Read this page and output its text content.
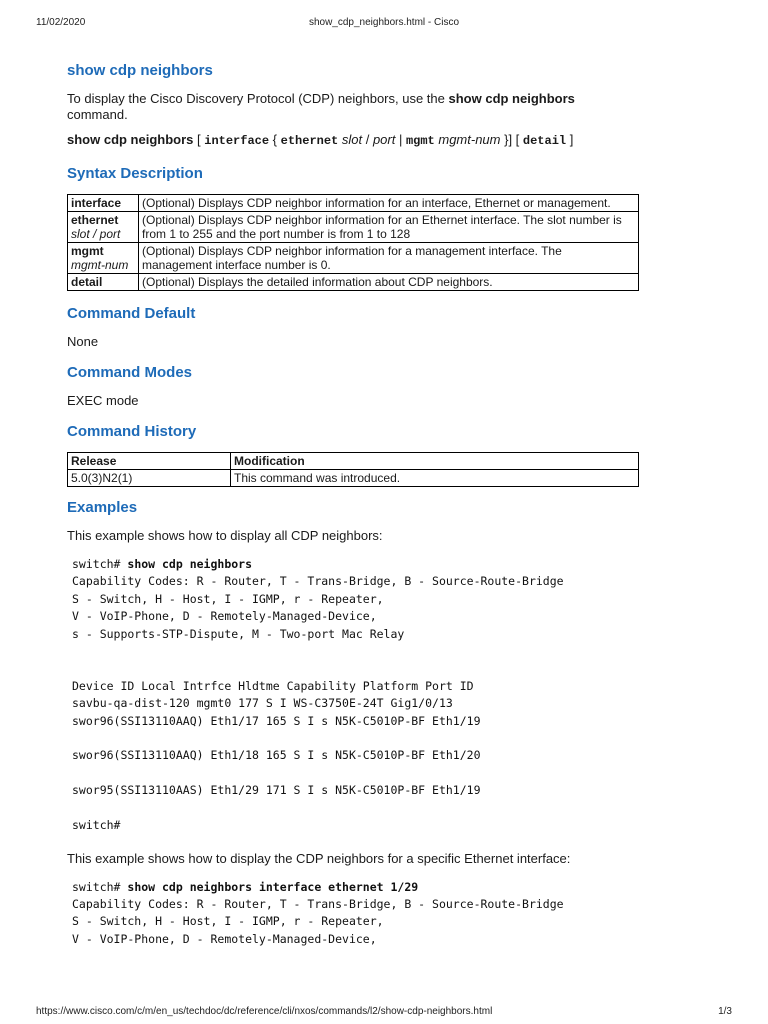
11/02/2020	show_cdp_neighbors.html - Cisco
show cdp neighbors

To display the Cisco Discovery Protocol (CDP) neighbors, use the show cdp neighbors command.

show cdp neighbors [ interface { ethernet slot / port | mgmt mgmt-num }] [ detail ]

Syntax Description
interface	(Optional) Displays CDP neighbor information for an interface, Ethernet or management.
ethernet
slot / port	(Optional) Displays CDP neighbor information for an Ethernet interface. The slot number is from 1 to 255 and the port number is from 1 to 128
mgmt
mgmt-num	(Optional) Displays CDP neighbor information for a management interface. The management interface number is 0.
detail	(Optional) Displays the detailed information about CDP neighbors.
Command Default

None

Command Modes

EXEC mode

Command History
Release	Modification
5.0(3)N2(1)	This command was introduced.
Examples

This example shows how to display all CDP neighbors:

switch# show cdp neighbors
Capability Codes: R - Router, T - Trans-Bridge, B - Source-Route-Bridge
S - Switch, H - Host, I - IGMP, r - Repeater,
V - VoIP-Phone, D - Remotely-Managed-Device,
s - Supports-STP-Dispute, M - Two-port Mac Relay

Device ID Local Intrfce Hldtme Capability Platform Port ID
savbu-qa-dist-120 mgmt0 177 S I WS-C3750E-24T Gig1/0/13
swor96(SSI13110AAQ) Eth1/17 165 S I s N5K-C5010P-BF Eth1/19

swor96(SSI13110AAQ) Eth1/18 165 S I s N5K-C5010P-BF Eth1/20

swor95(SSI13110AAS) Eth1/29 171 S I s N5K-C5010P-BF Eth1/19

switch#

This example shows how to display the CDP neighbors for a specific Ethernet interface:

switch# show cdp neighbors interface ethernet 1/29
Capability Codes: R - Router, T - Trans-Bridge, B - Source-Route-Bridge
S - Switch, H - Host, I - IGMP, r - Repeater,
V - VoIP-Phone, D - Remotely-Managed-Device,
https://www.cisco.com/c/m/en_us/techdoc/dc/reference/cli/nxos/commands/l2/show-cdp-neighbors.html	1/3
